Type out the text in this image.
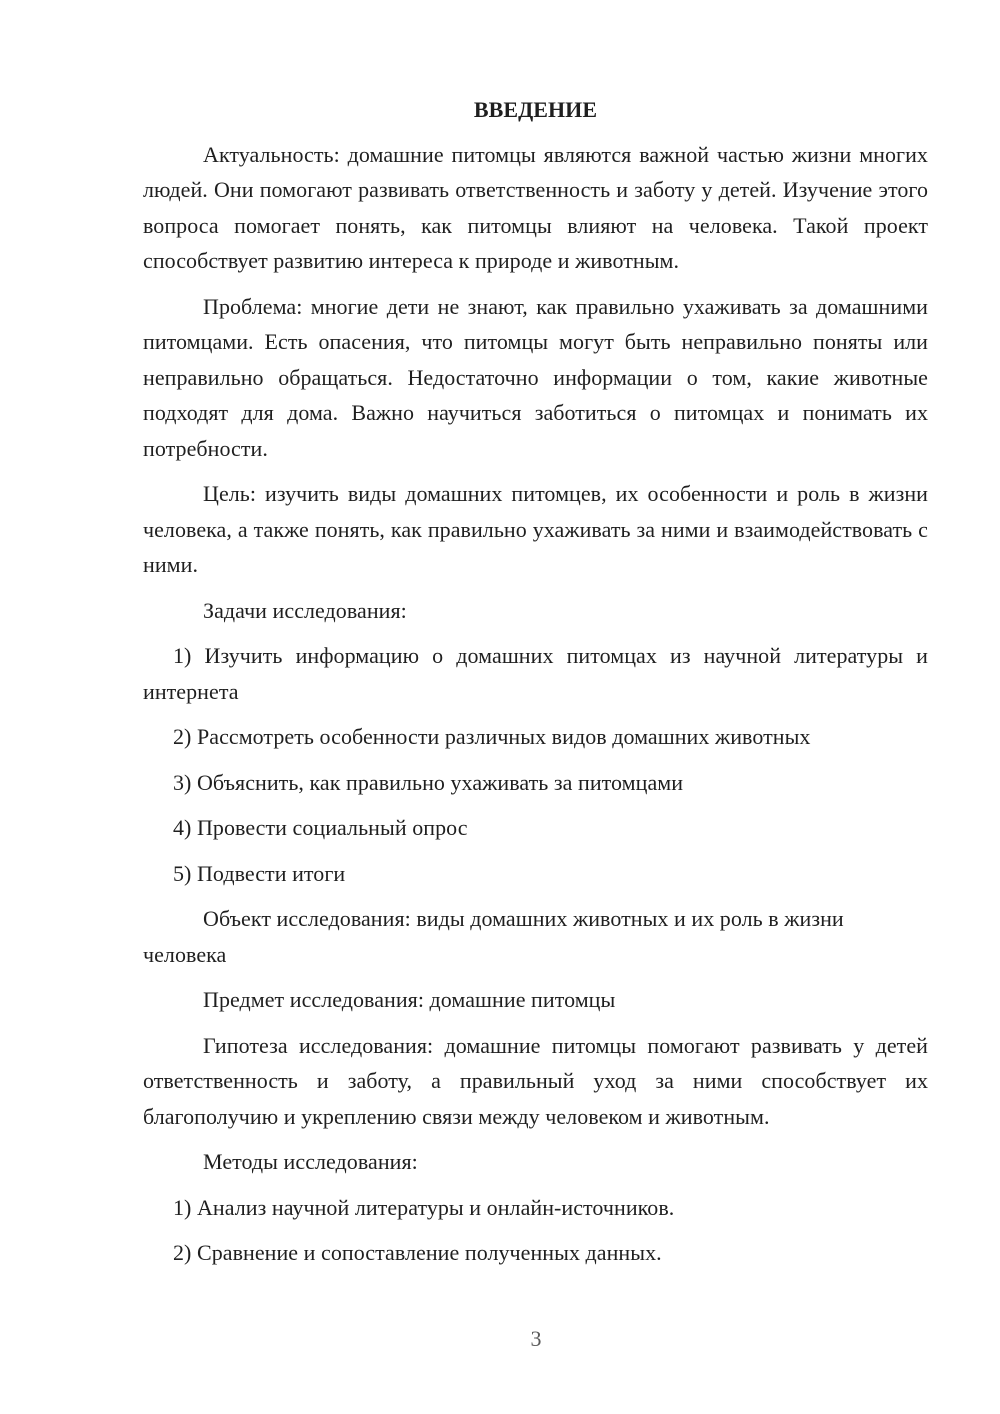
ВВЕДЕНИЕ

Актуальность: домашние питомцы являются важной частью жизни многих людей. Они помогают развивать ответственность и заботу у детей. Изучение этого вопроса помогает понять, как питомцы влияют на человека. Такой проект способствует развитию интереса к природе и животным.

Проблема: многие дети не знают, как правильно ухаживать за домашними питомцами. Есть опасения, что питомцы могут быть неправильно поняты или неправильно обращаться. Недостаточно информации о том, какие животные подходят для дома. Важно научиться заботиться о питомцах и понимать их потребности.

Цель: изучить виды домашних питомцев, их особенности и роль в жизни человека, а также понять, как правильно ухаживать за ними и взаимодействовать с ними.

Задачи исследования:

1) Изучить информацию о домашних питомцах из научной литературы и интернета

2) Рассмотреть особенности различных видов домашних животных

3) Объяснить, как правильно ухаживать за питомцами

4) Провести социальный опрос

5) Подвести итоги

Объект исследования: виды домашних животных и их роль в жизни человека

Предмет исследования: домашние питомцы

Гипотеза исследования: домашние питомцы помогают развивать у детей ответственность и заботу, а правильный уход за ними способствует их благополучию и укреплению связи между человеком и животным.

Методы исследования:

1) Анализ научной литературы и онлайн-источников.

2) Сравнение и сопоставление полученных данных.

3
